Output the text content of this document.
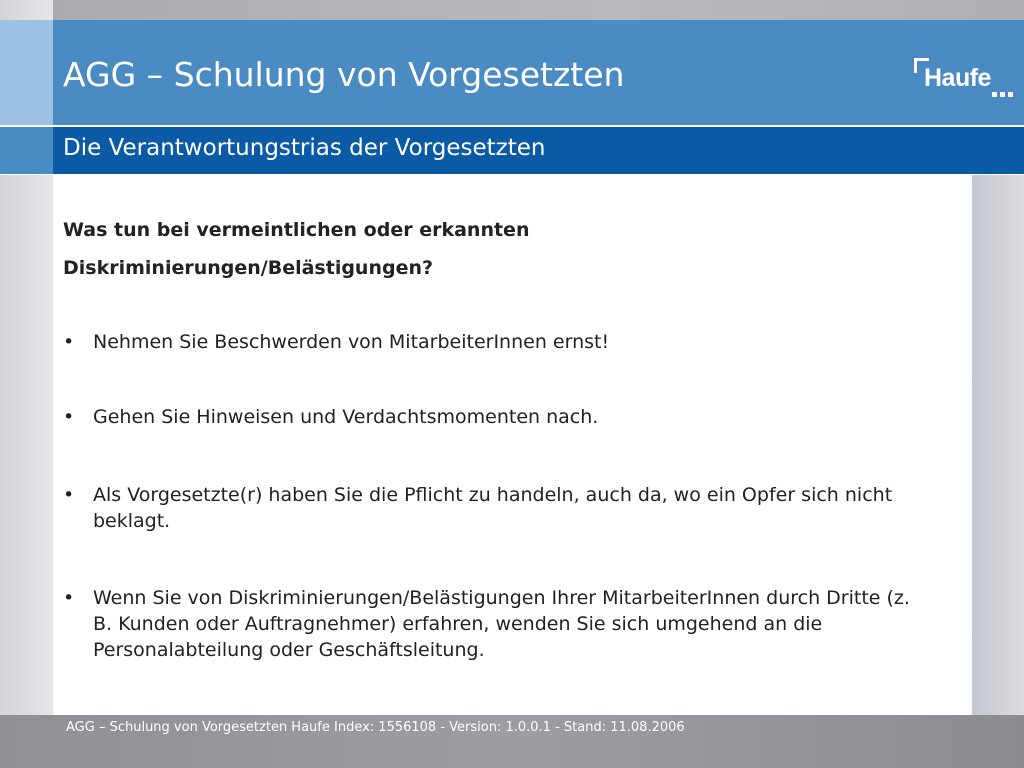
AGG – Schulung von Vorgesetzten
Die Verantwortungstrias der Vorgesetzten
Haufe
Was tun bei vermeintlichen oder erkannten
Diskriminierungen/Belästigungen?
• Nehmen Sie Beschwerden von MitarbeiterInnen ernst!
• Gehen Sie Hinweisen und Verdachtsmomenten nach.
• Als Vorgesetzte(r) haben Sie die Pflicht zu handeln, auch da, wo ein Opfer sich nicht beklagt.
• Wenn Sie von Diskriminierungen/Belästigungen Ihrer MitarbeiterInnen durch Dritte (z. B. Kunden oder Auftragnehmer) erfahren, wenden Sie sich umgehend an die Personalabteilung oder Geschäftsleitung.
AGG – Schulung von Vorgesetzten Haufe Index: 1556108 - Version: 1.0.0.1 - Stand: 11.08.2006
